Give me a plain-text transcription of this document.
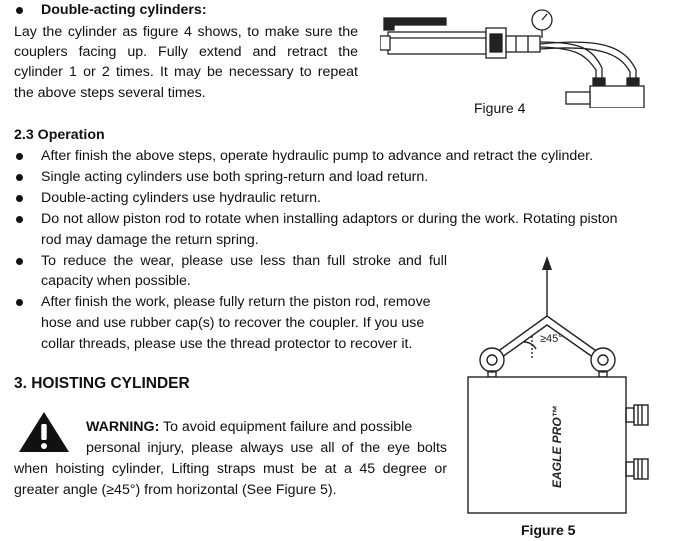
Double-acting cylinders:
Lay the cylinder as figure 4 shows, to make sure the
couplers facing up. Fully extend and retract the
cylinder 1 or 2 times. It may be necessary to repeat
the above steps several times.
Figure 4
2.3 Operation
After finish the above steps, operate hydraulic pump to advance and retract the cylinder.
Single acting cylinders use both spring-return and load return.
Double-acting cylinders use hydraulic return.
Do not allow piston rod to rotate when installing adaptors or during the work. Rotating piston
rod may damage the return spring.
To reduce the wear, please use less than full stroke and full
capacity when possible.
After finish the work, please fully return the piston rod, remove
hose and use rubber cap(s) to recover the coupler. If you use
collar threads, please use the thread protector to recover it.
3. HOISTING CYLINDER
WARNING: To avoid equipment failure and possible
personal injury, please always use all of the eye bolts
when hoisting cylinder, Lifting straps must be at a 45 degree or
greater angle (≥45°) from horizontal (See Figure 5).
≥45°
EAGLE PRO™
Figure 5
